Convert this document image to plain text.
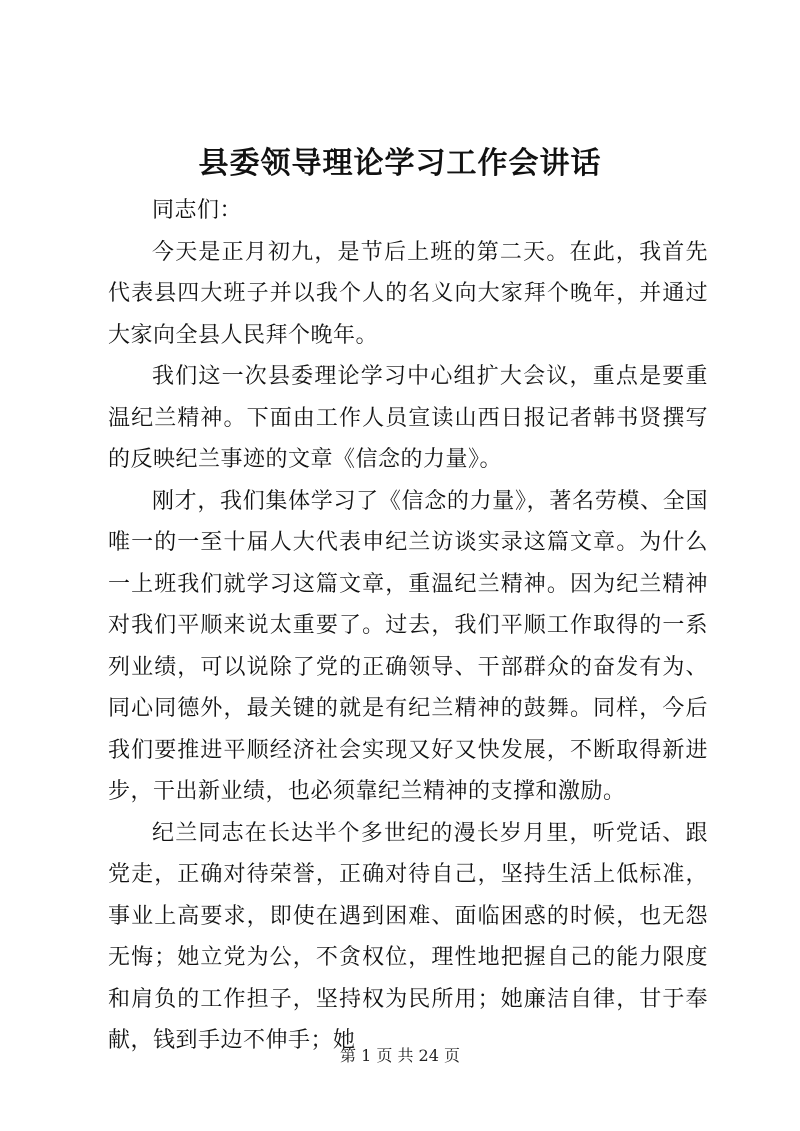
县委领导理论学习工作会讲话

同志们：

今天是正月初九，是节后上班的第二天。在此，我首先代表县四大班子并以我个人的名义向大家拜个晚年，并通过大家向全县人民拜个晚年。

我们这一次县委理论学习中心组扩大会议，重点是要重温纪兰精神。下面由工作人员宣读山西日报记者韩书贤撰写的反映纪兰事迹的文章《信念的力量》。

刚才，我们集体学习了《信念的力量》，著名劳模、全国唯一的一至十届人大代表申纪兰访谈实录这篇文章。为什么一上班我们就学习这篇文章，重温纪兰精神。因为纪兰精神对我们平顺来说太重要了。过去，我们平顺工作取得的一系列业绩，可以说除了党的正确领导、干部群众的奋发有为、同心同德外，最关键的就是有纪兰精神的鼓舞。同样，今后我们要推进平顺经济社会实现又好又快发展，不断取得新进步，干出新业绩，也必须靠纪兰精神的支撑和激励。

纪兰同志在长达半个多世纪的漫长岁月里，听党话、跟党走，正确对待荣誉，正确对待自己，坚持生活上低标准，事业上高要求，即使在遇到困难、面临困惑的时候，也无怨无悔；她立党为公，不贪权位，理性地把握自己的能力限度和肩负的工作担子，坚持权为民所用；她廉洁自律，甘于奉献，钱到手边不伸手；她

第 1 页 共 24 页
